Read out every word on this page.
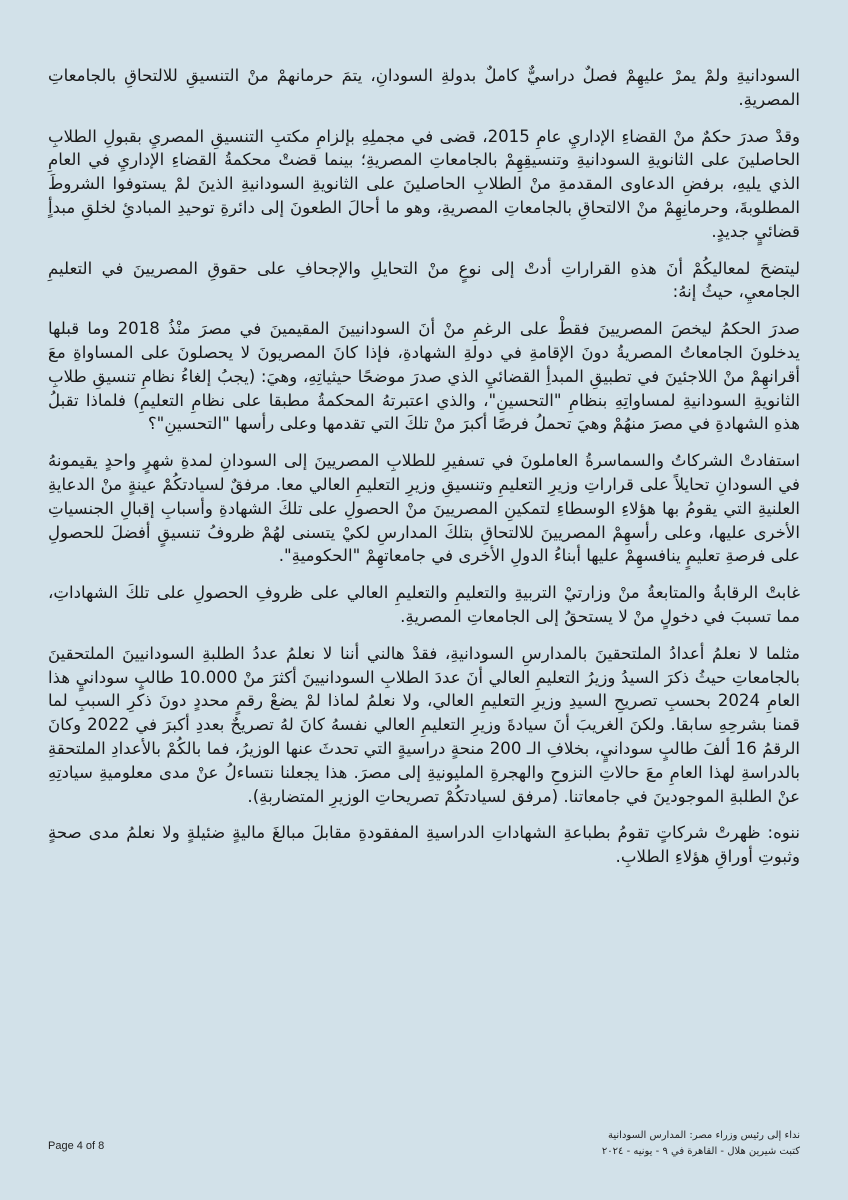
السودانيةِ ولمْ يمرْ عليهِمْ فصلٌ دراسيٌّ كاملٌ بدولةِ السودانِ، يتمَ حرمانهمْ منْ التنسيقِ للالتحاقِ بالجامعاتِ المصريةِ.

وقدْ صدرَ حكمٌ منْ القضاءِ الإداريِ عامِ 2015، قضى في مجملِهِ بإلزامِ مكتبِ التنسيقِ المصريِ بقبولِ الطلابِ الحاصلينَ على الثانويةِ السودانيةِ وتنسيقِهِمْ بالجامعاتِ المصريةِ؛ بينما قضتْ محكمةُ القضاءِ الإداريِ في العامِ الذي يليهِ، برفضِ الدعاوى المقدمةِ منْ الطلابِ الحاصلينَ على الثانويةِ السودانيةِ الذينَ لمْ يستوفوا الشروطَ المطلوبةَ، وحرمانِهِمْ منْ الالتحاقِ بالجامعاتِ المصريةِ، وهو ما أحالَ الطعونَ إلى دائرةِ توحيدِ المبادئِ لخلقِ مبدأٍ قضائيٍ جديدٍ.

ليتضحَ لمعاليكُمْ أنَ هذهِ القراراتِ أدتْ إلى نوعٍ منْ التحايلِ والإجحافِ على حقوقِ المصريينَ في التعليمِ الجامعيِ، حيثُ إنهُ:

صدرَ الحكمُ ليخصَ المصريينَ فقطْ على الرغمِ منْ أنَ السودانيينَ المقيمينَ في مصرَ منْذُ 2018 وما قبلها يدخلونَ الجامعاتُ المصريةُ دونَ الإقامةِ في دولةِ الشهادةِ، فإذا كانَ المصريونَ لا يحصلونَ على المساواةِ معَ أقرانهِمْ منْ اللاجئينَ في تطبيقِ المبدأِ القضائيِ الذي صدرَ موضحًا حيثياتِهِ، وهيَ: (يجبُ إلغاءُ نظامِ تنسيقِ طلابِ الثانويةِ السودانيةِ لمساواتِهِ بنظامِ "التحسينِ"، والذي اعتبرتهُ المحكمةُ مطبقا على نظامِ التعليمِ) فلماذا تقبلُ هذهِ الشهادةِ في مصرَ منهُمْ وهيَ تحملُ فرصًا أكبرَ منْ تلكَ التي تقدمها وعلى رأسها "التحسينِ"؟

استفادتْ الشركاتُ والسماسرةُ العاملونَ في تسفيرِ للطلابِ المصريينَ إلى السودانِ لمدةِ شهرٍ واحدٍ يقيمونهُ في السودانِ تحايلاً على قراراتِ وزيرِ التعليمِ وتنسيقِ وزيرِ التعليمِ العالي معا. مرفقٌ لسيادتكُمْ عينةٍ منْ الدعايةِ العلنيةِ التي يقومُ بها هؤلاءِ الوسطاءِ لتمكينِ المصريينَ منْ الحصولِ على تلكَ الشهادةِ وأسبابِ إقبالِ الجنسياتِ الأخرى عليها، وعلى رأسهِمْ المصريينَ للالتحاقِ بتلكَ المدارسِ لكيْ يتسنى لهُمْ ظروفُ تنسيقٍ أفضلَ للحصولِ على فرصةِ تعليمٍ ينافسهِمْ عليها أبناءُ الدولِ الأخرى في جامعاتهِمْ "الحكوميةِ".

غابتْ الرقابةُ والمتابعةُ منْ وزارتيْ التربيةِ والتعليمِ والتعليمِ العالي على ظروفِ الحصولِ على تلكَ الشهاداتِ، مما تسببَ في دخولٍ منْ لا يستحقُ إلى الجامعاتِ المصريةِ.

مثلما لا نعلمُ أعدادُ الملتحقينَ بالمدارسِ السودانيةِ، فقدْ هالني أننا لا نعلمُ عددُ الطلبةِ السودانيينَ الملتحقينَ بالجامعاتِ حيثُ ذكرَ السيدُ وزيرُ التعليمِ العالي أنَ عددَ الطلابِ السودانيينَ أكثرَ منْ 10.000 طالبٍ سودانيٍ هذا العامِ 2024 بحسبِ تصريحِ السيدِ وزيرِ التعليمِ العالي، ولا نعلمُ لماذا لمْ يضعْ رقمٍ محددٍ دونَ ذكرِ السببِ لما قمنا بشرحِهِ سابقا. ولكنَ الغريبَ أنَ سيادةَ وزيرِ التعليمِ العالي نفسهُ كانَ لهُ تصريحٌ بعددِ أكبرَ في 2022 وكانَ الرقمُ 16 ألفَ طالبٍ سودانيٍ، بخلافِ الـ 200 منحةٍ دراسيةٍ التي تحدثَ عنها الوزيرُ، فما بالكُمْ بالأعدادِ الملتحقةِ بالدراسةِ لهذا العامِ معَ حالاتِ النزوحِ والهجرةِ المليونيةِ إلى مصرَ. هذا يجعلنا نتساءلُ عنْ مدى معلوميةِ سيادتِهِ عنْ الطلبةِ الموجودينَ في جامعاتنا. (مرفق لسيادتكُمْ تصريحاتِ الوزيرِ المتضاربةِ).

ننوه: ظهرتْ شركاتٍ تقومُ بطباعةِ الشهاداتِ الدراسيةِ المفقودةِ مقابلَ مبالغَ ماليةٍ ضئيلةٍ ولا نعلمُ مدى صحةٍ وثبوتِ أوراقِ هؤلاءِ الطلابِ.

Page 4 of 8
نداء إلى رئيس وزراء مصر: المدارس السودانية
كتبت شيرين هلال - القاهرة في ٩ - يونيه - ٢٠٢٤
